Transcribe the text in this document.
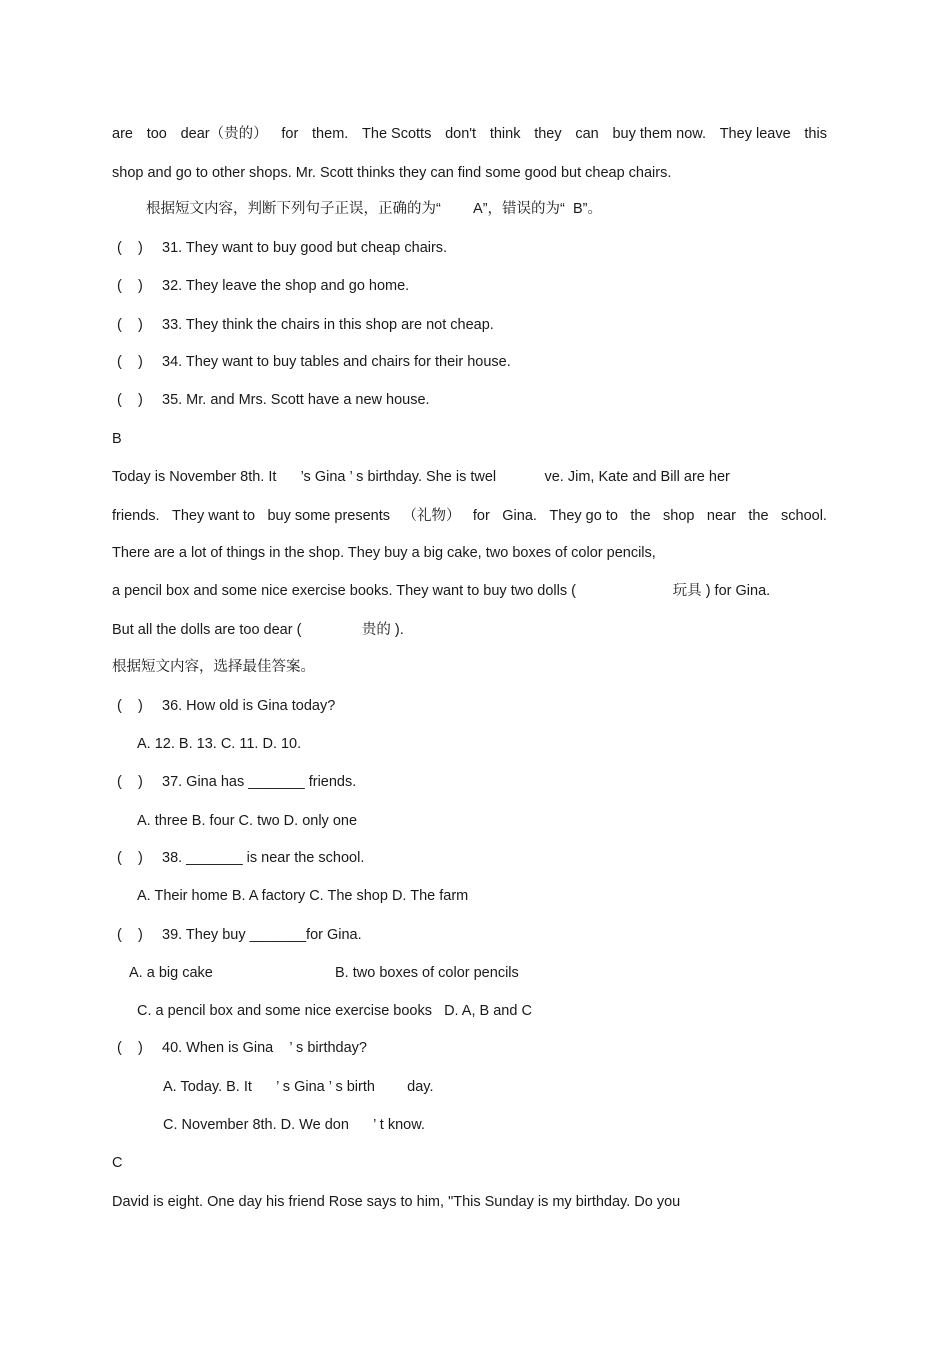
are too dear（贵的） for them. The Scotts don't think they can buy them now. They leave this
shop and go to other shops. Mr. Scott thinks they can find some good but cheap chairs.
根据短文内容，判断下列句子正误，正确的为“        A”，错误的为“  B”。
(    ) 31. They want to buy good but cheap chairs.
(    ) 32. They leave the shop and go home.
(    ) 33. They think the chairs in this shop are not cheap.
(    ) 34. They want to buy tables and chairs for their house.
(    ) 35. Mr. and Mrs. Scott have a new house.
B
Today is November 8th. It      ’s Gina ’ s birthday. She is twel            ve. Jim, Kate and Bill are her
friends. They want to buy some presents （礼物） for Gina. They go to the shop near the school.
There are a lot of things in the shop. They buy a big cake, two boxes of color pencils,
a pencil box and some nice exercise books. They want to buy two dolls (                        玩具 ) for Gina.
But all the dolls are too dear (               贵的 ).
根据短文内容，选择最佳答案。
(    ) 36. How old is Gina today?
A. 12. B. 13. C. 11. D. 10.
(    ) 37. Gina has _______ friends.
A. three B. four C. two D. only one
(    ) 38. _______ is near the school.
A. Their home B. A factory C. The shop D. The farm
(    ) 39. They buy _______for Gina.
A. a big cake	B. two boxes of color pencils
C. a pencil box and some nice exercise books   D. A, B and C
(    ) 40. When is Gina    ’ s birthday?
A. Today. B. It      ’ s Gina ’ s birth        day.
C. November 8th. D. We don      ’ t know.
C
David is eight. One day his friend Rose says to him, "This Sunday is my birthday. Do you
